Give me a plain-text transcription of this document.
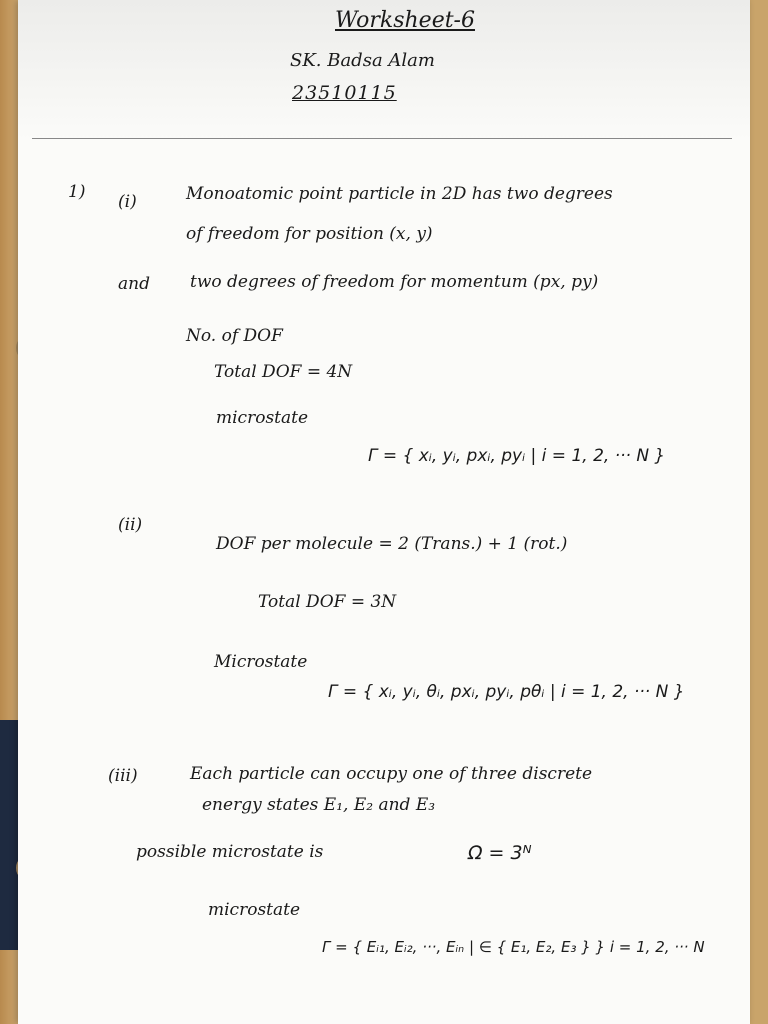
Worksheet-6
SK. Badsa Alam
23510115
1) (i)	Monoatomic point particle in 2D has two degrees
of freedom for position (x, y)
and two degrees of freedom for momentum (px, py)
No. of DOF
Total DOF = 4N
microstate
Γ = { xᵢ, yᵢ, pxᵢ, pyᵢ | i = 1, 2, ··· N }
(ii)
DOF per molecule = 2 (Trans.) + 1 (rot.)
Total DOF = 3N
Microstate
Γ = { xᵢ, yᵢ, θᵢ, pxᵢ, pyᵢ, pθᵢ | i = 1, 2, ··· N }
(iii)	Each particle can occupy one of three discrete
energy states E₁, E₂ and E₃
possible microstate is	Ω = 3ᴺ
microstate
Γ = { Eᵢ₁, Eᵢ₂, ···, Eᵢₙ | ∈ { E₁, E₂, E₃ } } i = 1, 2, ··· N
